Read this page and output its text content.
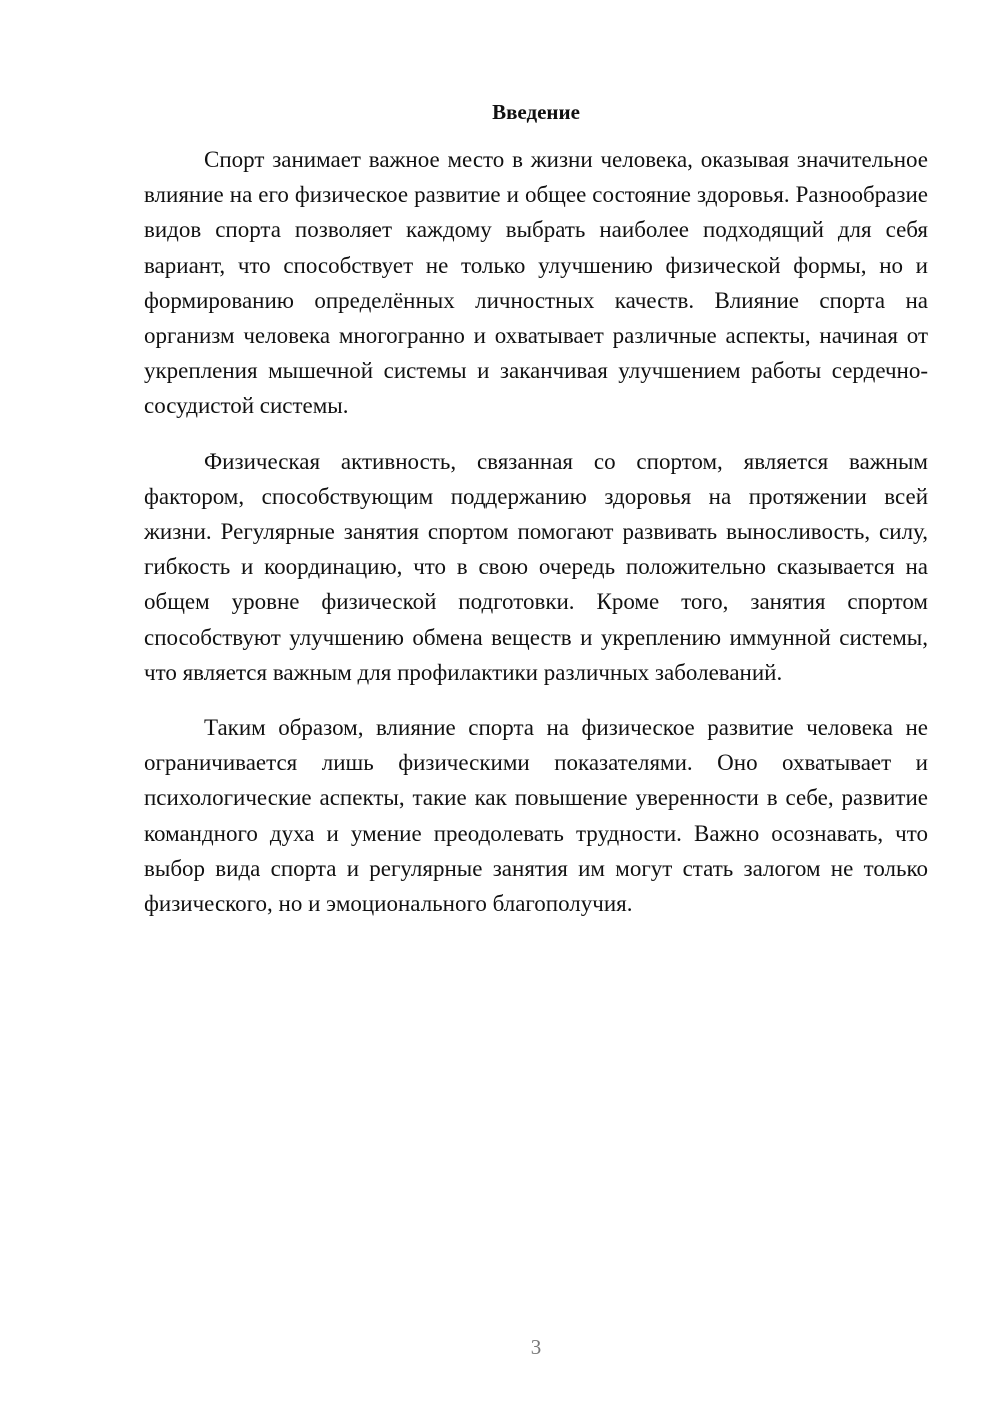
Введение

Спорт занимает важное место в жизни человека, оказывая значительное влияние на его физическое развитие и общее состояние здоровья. Разнообразие видов спорта позволяет каждому выбрать наиболее подходящий для себя вариант, что способствует не только улучшению физической формы, но и формированию определённых личностных качеств. Влияние спорта на организм человека многогранно и охватывает различные аспекты, начиная от укрепления мышечной системы и заканчивая улучшением работы сердечно-сосудистой системы.

Физическая активность, связанная со спортом, является важным фактором, способствующим поддержанию здоровья на протяжении всей жизни. Регулярные занятия спортом помогают развивать выносливость, силу, гибкость и координацию, что в свою очередь положительно сказывается на общем уровне физической подготовки. Кроме того, занятия спортом способствуют улучшению обмена веществ и укреплению иммунной системы, что является важным для профилактики различных заболеваний.

Таким образом, влияние спорта на физическое развитие человека не ограничивается лишь физическими показателями. Оно охватывает и психологические аспекты, такие как повышение уверенности в себе, развитие командного духа и умение преодолевать трудности. Важно осознавать, что выбор вида спорта и регулярные занятия им могут стать залогом не только физического, но и эмоционального благополучия.

3
